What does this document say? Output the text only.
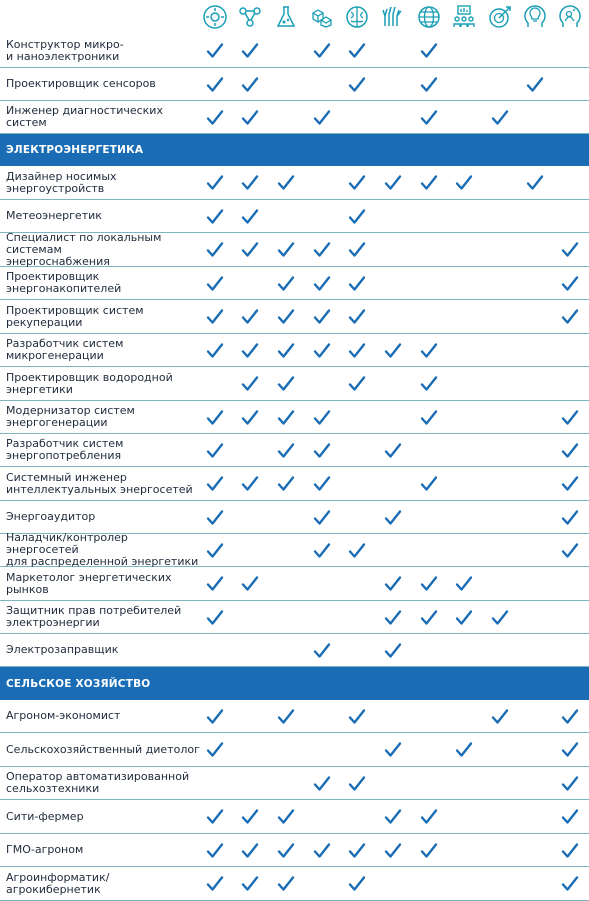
Конструктор микро-
и наноэлектроники
Проектировщик сенсоров
Инженер диагностических систем
ЭЛЕКТРОЭНЕРГЕТИКА
Дизайнер носимых энергоустройств
Метеоэнергетик
Специалист по локальным системам
энергоснабжения
Проектировщик энергонакопителей
Проектировщик систем
рекуперации
Разработчик систем
микрогенерации
Проектировщик водородной
энергетики
Модернизатор систем
энергогенерации
Разработчик систем
энергопотребления
Системный инженер
интеллектуальных энергосетей
Энергоаудитор
Наладчик/контролер энергосетей
для распределенной энергетики
Маркетолог энергетических рынков
Защитник прав потребителей
электроэнергии
Электрозаправщик
СЕЛЬСКОЕ ХОЗЯЙСТВО
Агроном-экономист
Сельскохозяйственный диетолог
Оператор автоматизированной
сельхозтехники
Сити-фермер
ГМО-агроном
Агроинформатик/агрокибернетик
